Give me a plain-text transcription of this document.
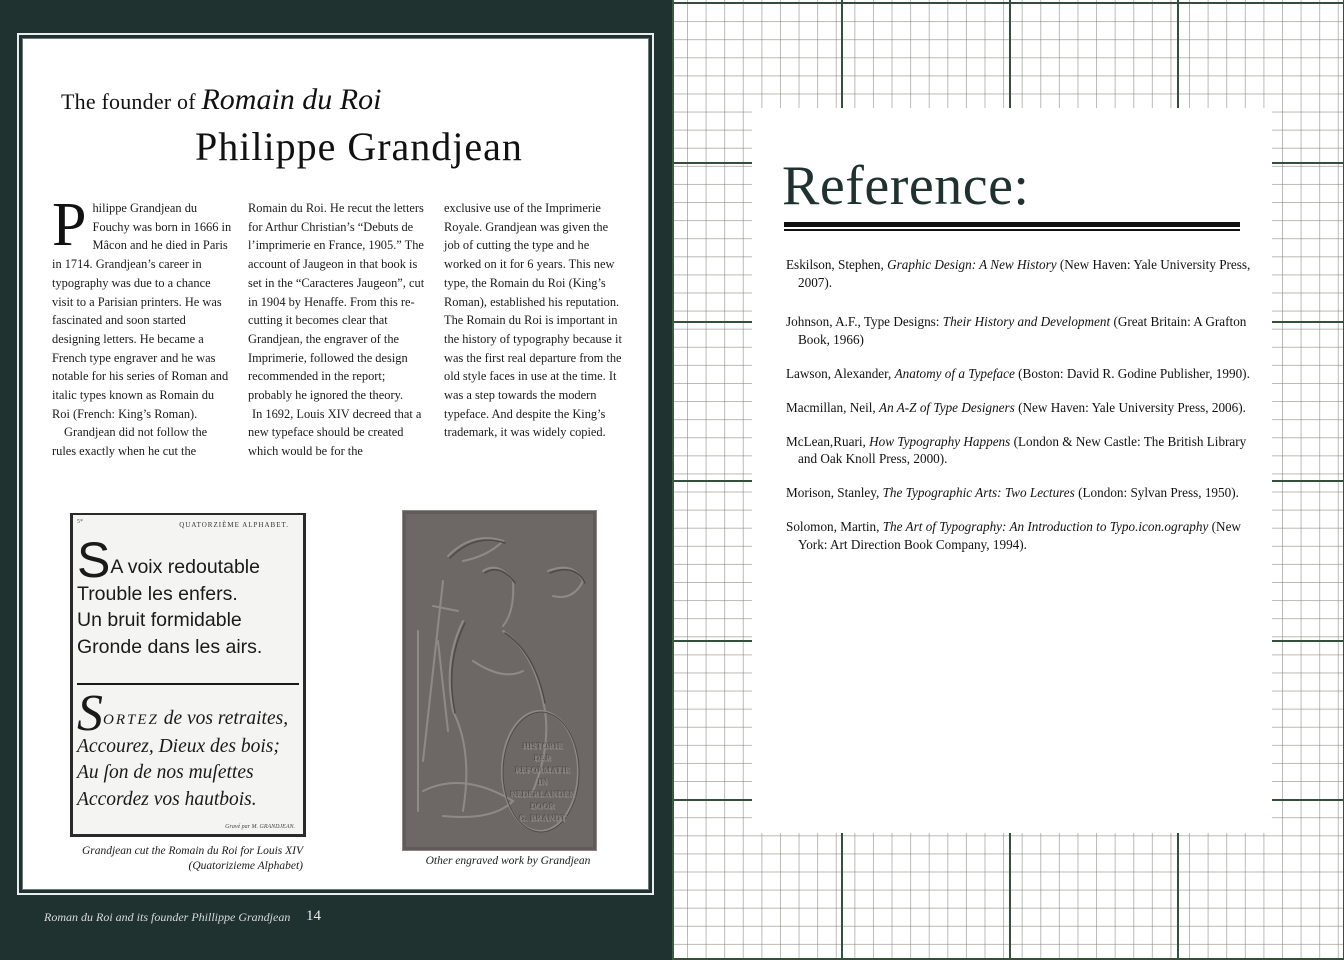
The founder of Romain du Roi
Philippe Grandjean

Philippe Grandjean du Fouchy was born in 1666 in Mâcon and he died in Paris in 1714. Grandjean’s career in typography was due to a chance visit to a Parisian printers. He was fascinated and soon started designing letters. He became a French type engraver and he was notable for his series of Roman and italic types known as Romain du Roi (French: King’s Roman).

Grandjean did not follow the rules exactly when he cut the

Romain du Roi. He recut the letters for Arthur Christian’s “Debuts de l’imprimerie en France, 1905.” The account of Jaugeon in that book is set in the “Caracteres Jaugeon”, cut in 1904 by Henaffe. From this re-cutting it becomes clear that Grandjean, the engraver of the Imprimerie, followed the design recommended in the report; probably he ignored the theory.

In 1692, Louis XIV decreed that a new typeface should be created which would be for the

exclusive use of the Imprimerie Royale. Grandjean was given the job of cutting the type and he worked on it for 6 years. This new type, the Romain du Roi (King’s Roman), established his reputation. The Romain du Roi is important in the history of typography because it was the first real departure from the old style faces in use at the time. It was a step towards the modern typeface. And despite the King’s trademark, it was widely copied.

5*	QUATORZIÈME ALPHABET.
SA voix redoutable
Trouble les enfers.
Un bruit formidable
Gronde dans les airs.
SORTEZ de vos retraites,
Accourez, Dieux des bois;
Au ſon de nos muſettes
Accordez vos hautbois.
Gravé par M. GRANDJEAN.
Grandjean cut the Romain du Roi for Louis XIV
(Quatorizieme Alphabet)
HISTORIE
DER
REFORMATIE
IN
NEDERLANDEN
DOOR
G. BRANDT
Other engraved work by Grandjean
Roman du Roi and its founder Phillippe Grandjean 14
Reference:
Eskilson, Stephen, Graphic Design: A New History (New Haven: Yale University Press, 2007).
Johnson, A.F., Type Designs: Their History and Development (Great Britain: A Grafton Book, 1966)
Lawson, Alexander, Anatomy of a Typeface (Boston: David R. Godine Publisher, 1990).
Macmillan, Neil, An A-Z of Type Designers (New Haven: Yale University Press, 2006).
McLean,Ruari, How Typography Happens (London & New Castle: The British Library and Oak Knoll Press, 2000).
Morison, Stanley, The Typographic Arts: Two Lectures (London: Sylvan Press, 1950).
Solomon, Martin, The Art of Typography: An Introduction to Typo.icon.ography (New York: Art Direction Book Company, 1994).
